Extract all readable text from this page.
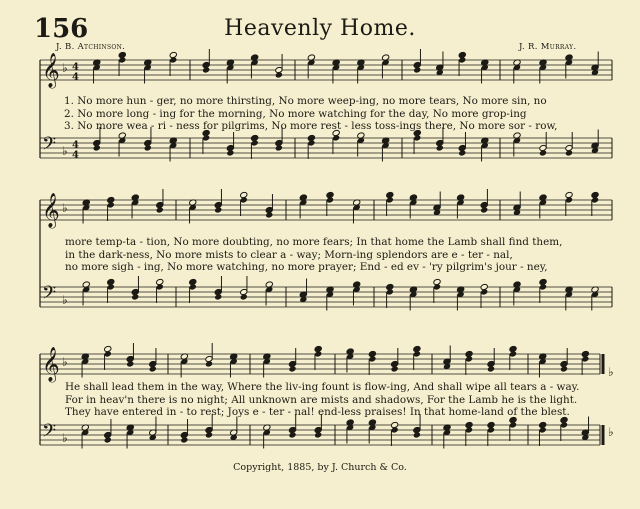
156	Heavenly Home.
J. B. Atchinson.	J. R. Murray.
𝄞
𝄢
♭
♭
4
4
4
4
𝄞
𝄢
♭
♭
𝄞
𝄢
♭
♭
♭
♭
1. No more hun - ger, no more thirsting, No more weep-ing, no more tears, No more sin, no
2. No more long - ing for the morning, No more watching for the day, No more grop-ing
3. No more wea - ri - ness for pilgrims, No more rest - less toss-ings there, No more sor - row,
more temp-ta - tion, No more doubting, no more fears; In that home the Lamb shall find them,
in the dark-ness, No more mists to clear a - way; Morn-ing splendors are e - ter - nal,
no more sigh - ing, No more watching, no more prayer; End - ed ev - 'ry pilgrim's jour - ney,
He shall lead them in the way, Where the liv-ing fount is flow-ing, And shall wipe all tears a - way.
For in heav'n there is no night; All unknown are mists and shadows, For the Lamb he is the light.
They have entered in - to rest; Joys e - ter - nal! end-less praises! In that home-land of the blest.
Copyright, 1885, by J. Church & Co.
